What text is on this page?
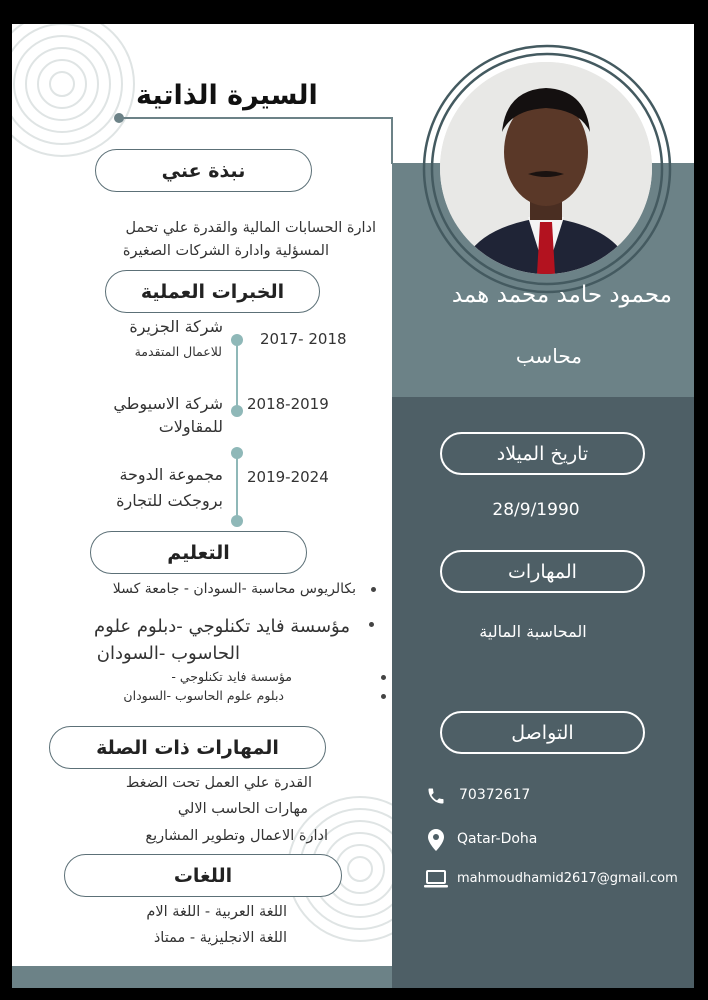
السيرة الذاتية
محمود حامد محمد همد
محاسب
تاريخ الميلاد
28/9/1990
المهارات
المحاسبة المالية
التواصل
70372617
Qatar-Doha
mahmoudhamid2617@gmail.com
نبذة عني
ادارة الحسابات المالية والقدرة علي تحمل
المسؤلية وادارة الشركات الصغيرة
الخبرات العملية
2017- 2018
شركة الجزيرة
للاعمال المتقدمة
2018-2019
شركة الاسيوطي
للمقاولات
2019-2024
مجموعة الدوحة
بروجكت للتجارة
التعليم
بكالريوس محاسبة -السودان - جامعة كسلا
مؤسسة فايد تكنلوجي -دبلوم علوم
الحاسوب -السودان
مؤسسة فايد تكنلوجي -
دبلوم علوم الحاسوب -السودان
المهارات ذات الصلة
القدرة علي العمل تحت الضغط
مهارات الحاسب الالي
ادارة الاعمال وتطوير المشاريع
اللغات
اللغة العربية - اللغة الام
اللغة الانجليزية - ممتاذ
